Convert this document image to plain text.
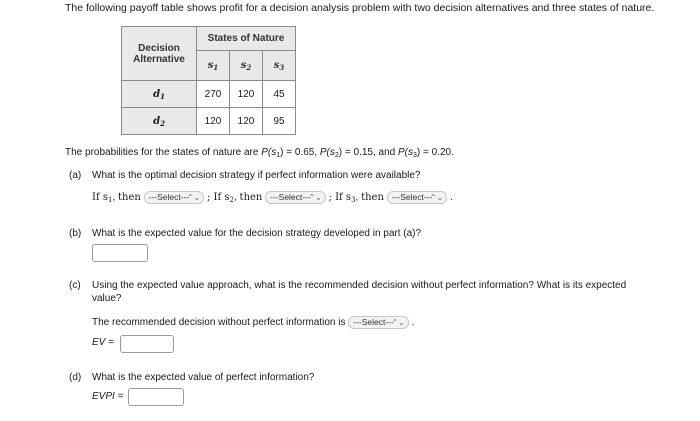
The following payoff table shows profit for a decision analysis problem with two decision alternatives and three states of nature.
Decision
Alternative	States of Nature		
	$s_1$	$s_2$	$s_3$
$d_1$	270	120	45
$d_2$	120	120	95
The probabilities for the states of nature are $P(s_1) = 0.65$, $P(s_2) = 0.15$, and $P(s_3) = 0.20$.
(a) What is the optimal decision strategy if perfect information were available?
If $s_1$, then ---Select---
⌃⌄ ; If $s_2$, then ---Select---
⌃⌄ ; If $s_3$, then ---Select---
⌃⌄ .
(b) What is the expected value for the decision strategy developed in part (a)?
(c) Using the expected value approach, what is the recommended decision without perfect information? What is its expected
value?
The recommended decision without perfect information is ---Select---
⌃⌄ .
EV =
(d) What is the expected value of perfect information?
EVPI =
